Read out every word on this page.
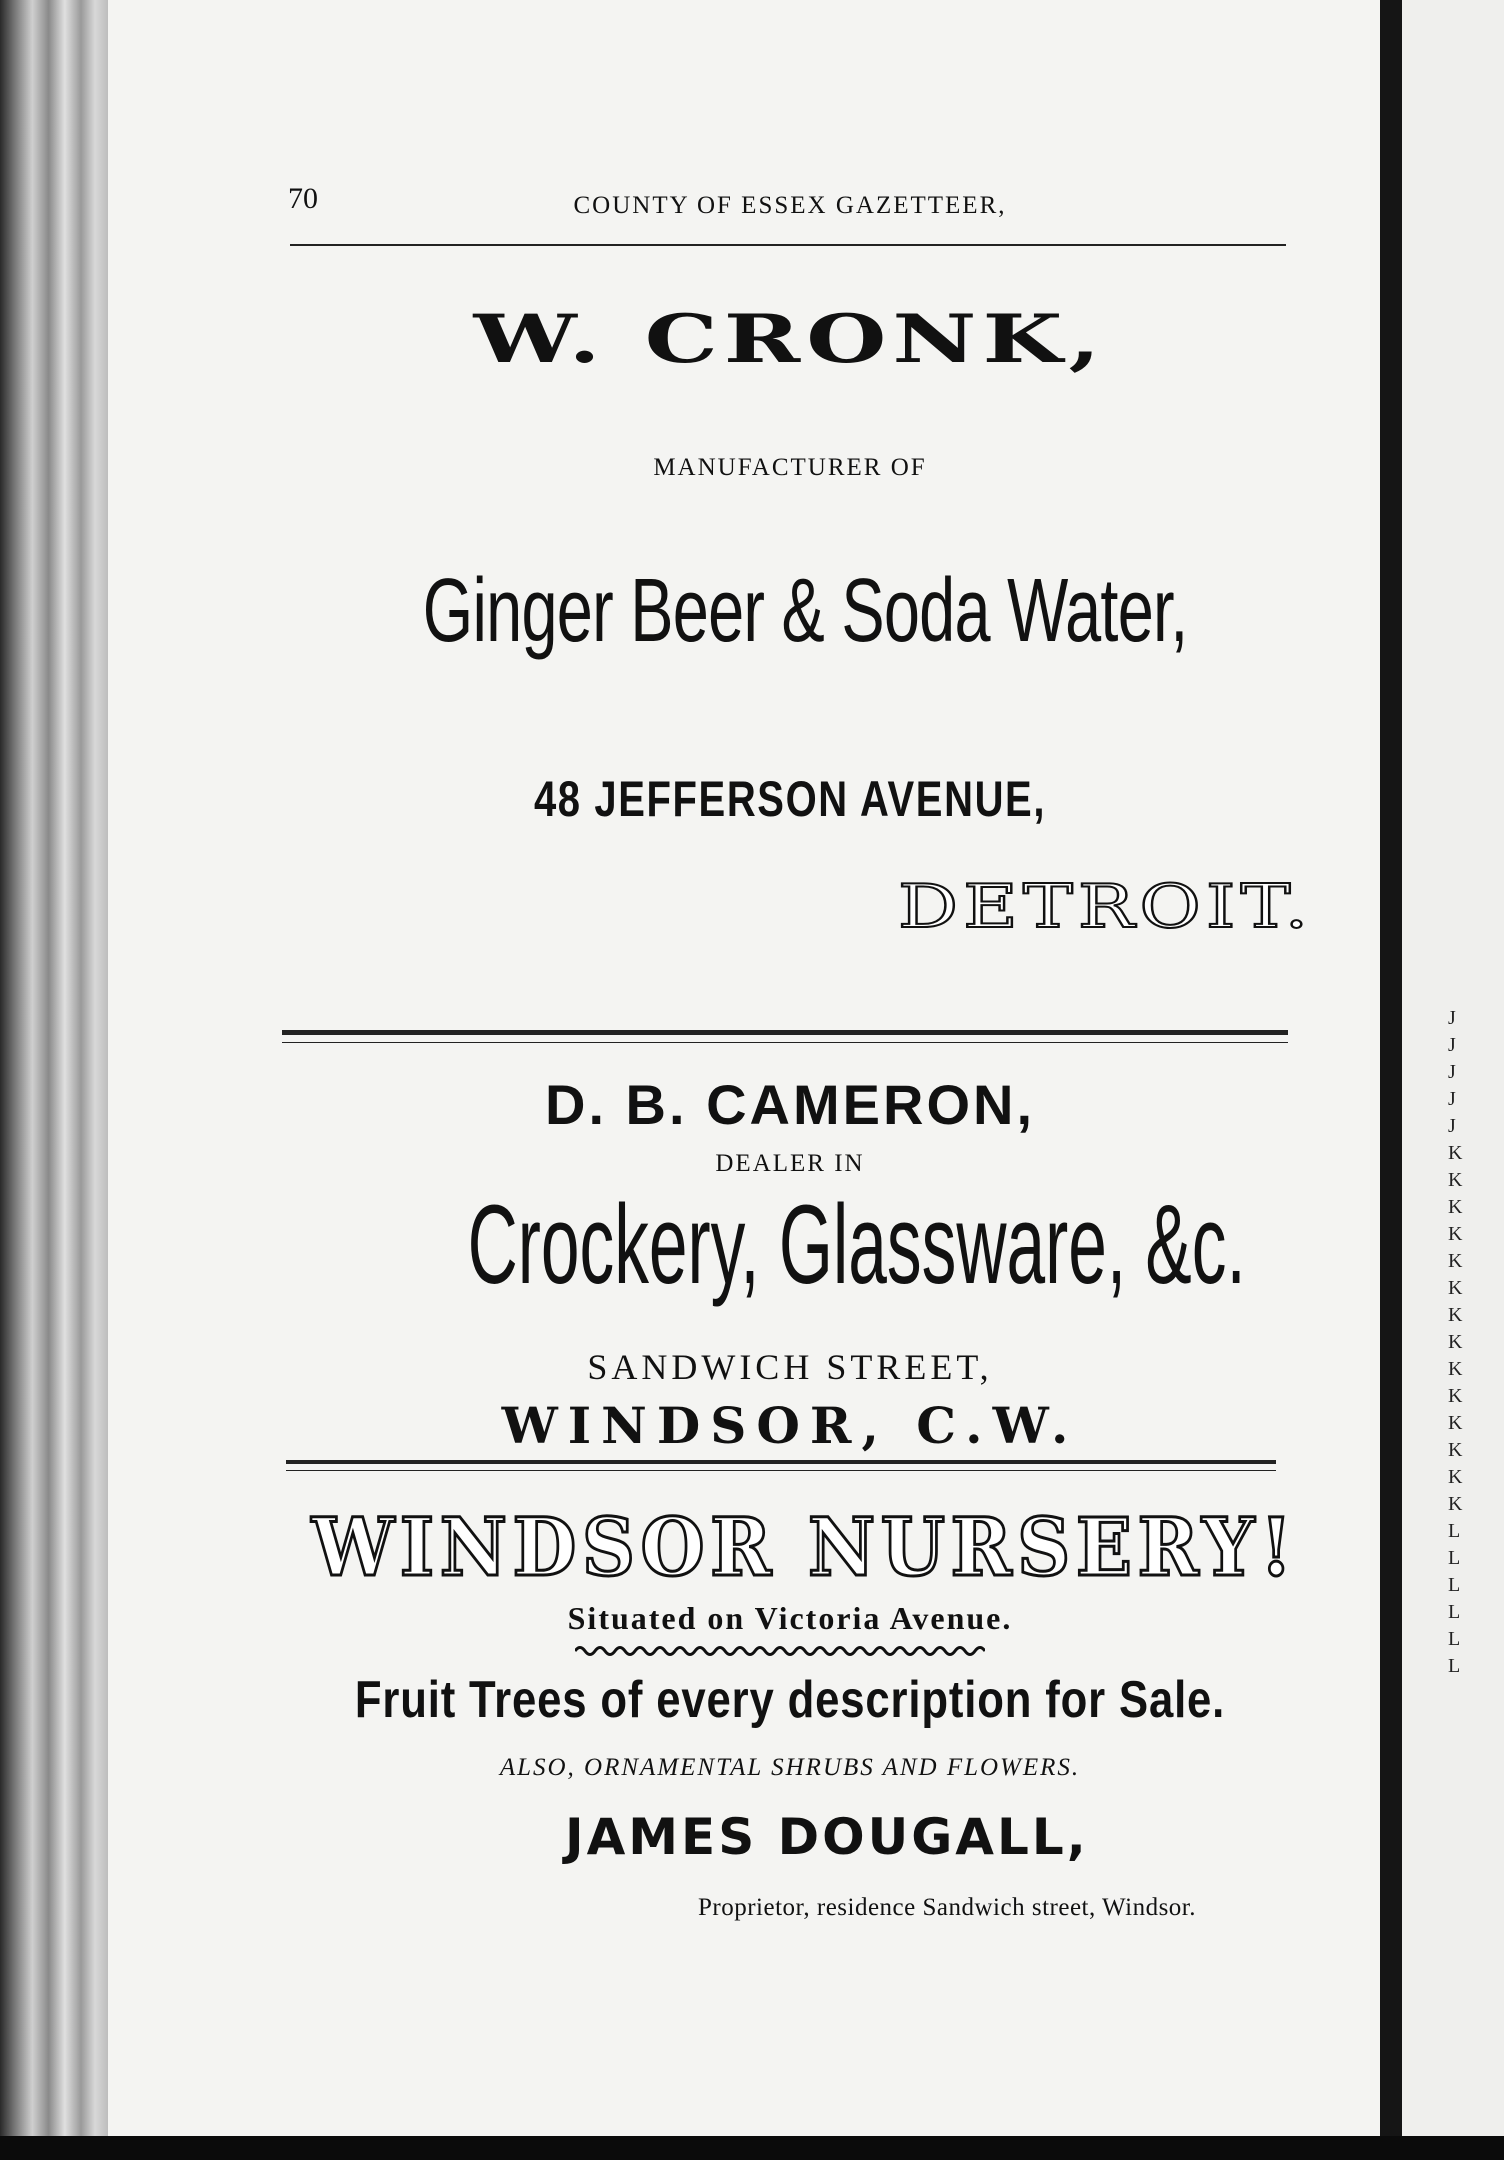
J
J
J
J
J
K
K
K
K
K
K
K
K
K
K
K
K
K
K
L
L
L
L
L
L
70	COUNTY OF ESSEX GAZETTEER,
W. CRONK,
MANUFACTURER OF
Ginger Beer & Soda Water,
48 JEFFERSON AVENUE,
DETROIT.
D. B. CAMERON,
DEALER IN
Crockery, Glassware, &c.
SANDWICH STREET,
WINDSOR, C.W.
WINDSOR NURSERY!
Situated on Victoria Avenue.
Fruit Trees of every description for Sale.
ALSO, ORNAMENTAL SHRUBS AND FLOWERS.
JAMES DOUGALL,
Proprietor, residence Sandwich street, Windsor.
